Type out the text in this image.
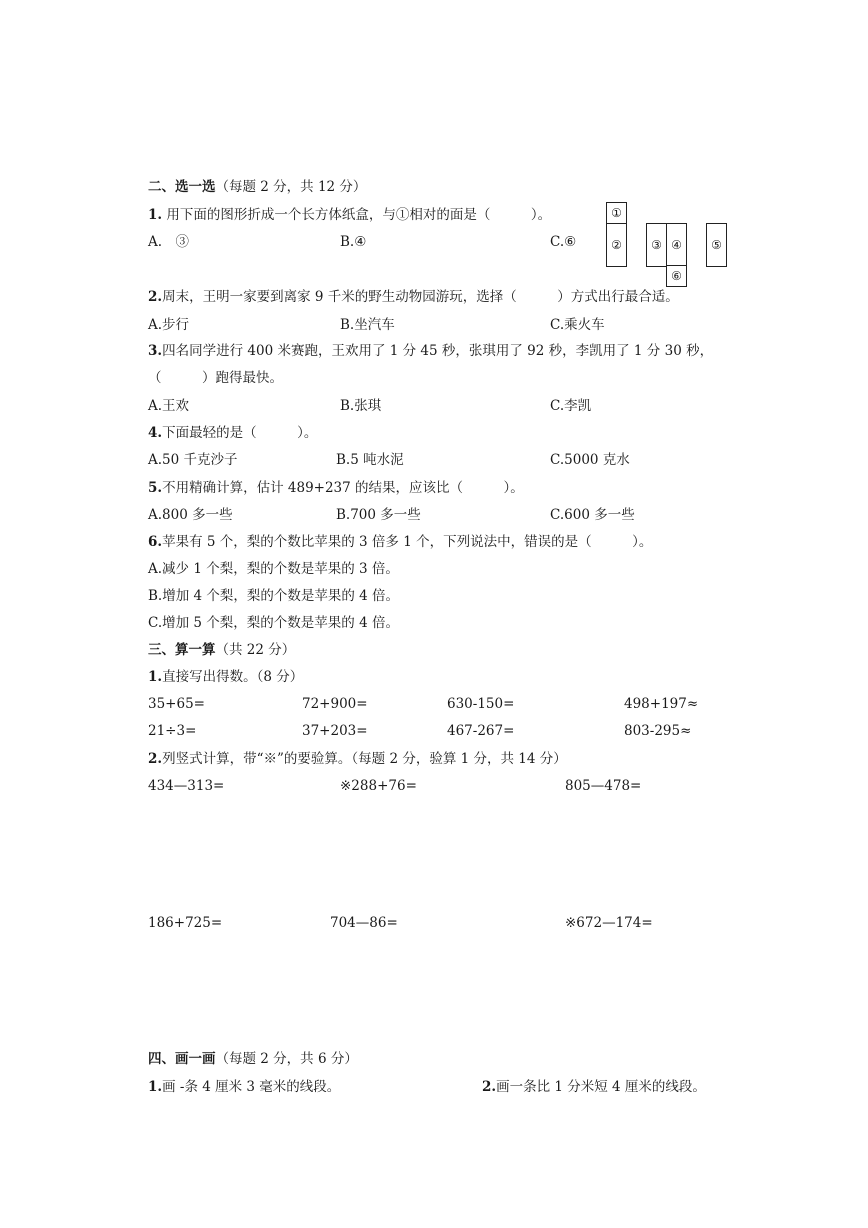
二、选一选（每题 2 分，共 12 分）
1. 用下面的图形折成一个长方体纸盒，与①相对的面是（　　　）。
A.　③	B.④	C.⑥
①
②	③ ④	⑤
⑥
2.周末，王明一家要到离家 9 千米的野生动物园游玩，选择（　　　）方式出行最合适。
A.步行	B.坐汽车	C.乘火车
3.四名同学进行 400 米赛跑，王欢用了 1 分 45 秒，张琪用了 92 秒，李凯用了 1 分 30 秒，
（　　　）跑得最快。
A.王欢	B.张琪	C.李凯
4.下面最轻的是（　　　）。
A.50 千克沙子	B.5 吨水泥	C.5000 克水
5.不用精确计算，估计 489+237 的结果，应该比（　　　）。
A.800 多一些	B.700 多一些	C.600 多一些
6.苹果有 5 个，梨的个数比苹果的 3 倍多 1 个，下列说法中，错误的是（　　　）。
A.减少 1 个梨，梨的个数是苹果的 3 倍。
B.增加 4 个梨，梨的个数是苹果的 4 倍。
C.增加 5 个梨，梨的个数是苹果的 4 倍。
三、算一算（共 22 分）
1.直接写出得数。（8 分）
35+65=	72+900=	630-150=	498+197≈
21÷3=	37+203=	467-267=	803-295≈
2.列竖式计算，带“※”的要验算。（每题 2 分，验算 1 分，共 14 分）
434—313=	※288+76=	805—478=
186+725=	704—86=	※672—174=
四、画一画（每题 2 分，共 6 分）
1.画 -条 4 厘米 3 毫米的线段。	2.画一条比 1 分米短 4 厘米的线段。
